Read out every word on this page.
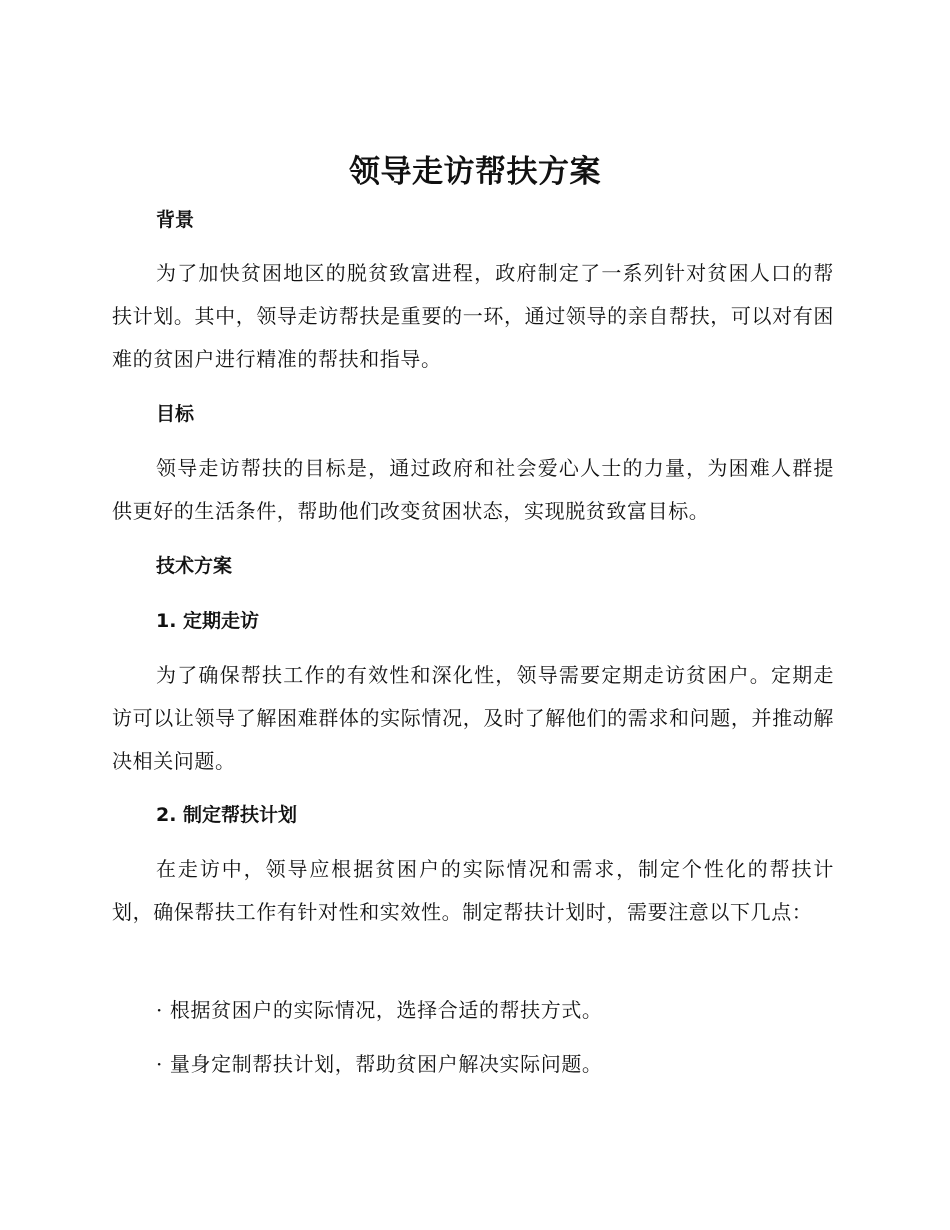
领导走访帮扶方案
背景

为了加快贫困地区的脱贫致富进程，政府制定了一系列针对贫困人口的帮扶计划。其中，领导走访帮扶是重要的一环，通过领导的亲自帮扶，可以对有困难的贫困户进行精准的帮扶和指导。

目标

领导走访帮扶的目标是，通过政府和社会爱心人士的力量，为困难人群提供更好的生活条件，帮助他们改变贫困状态，实现脱贫致富目标。

技术方案
1. 定期走访

为了确保帮扶工作的有效性和深化性，领导需要定期走访贫困户。定期走访可以让领导了解困难群体的实际情况，及时了解他们的需求和问题，并推动解决相关问题。

2. 制定帮扶计划

在走访中，领导应根据贫困户的实际情况和需求，制定个性化的帮扶计划，确保帮扶工作有针对性和实效性。制定帮扶计划时，需要注意以下几点：

· 根据贫困户的实际情况，选择合适的帮扶方式。

· 量身定制帮扶计划，帮助贫困户解决实际问题。
